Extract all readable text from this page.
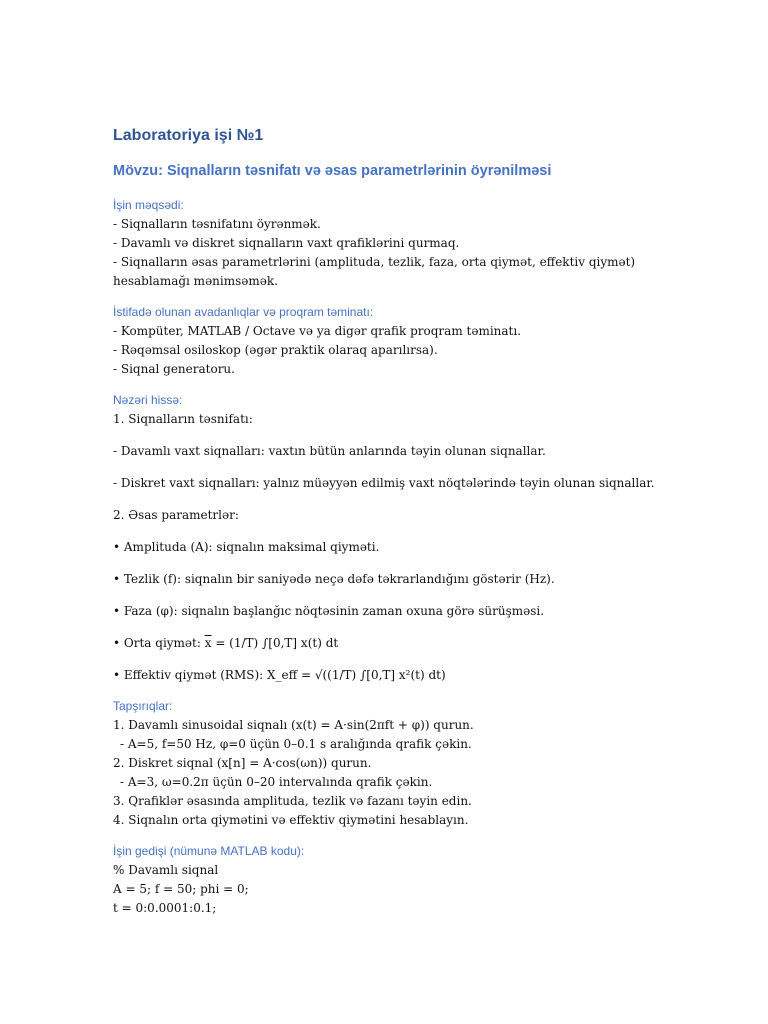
Laboratoriya işi №1
Mövzu: Siqnalların təsnifatı və əsas parametrlərinin öyrənilməsi

İşin məqsədi:

- Siqnalların təsnifatını öyrənmək.

- Davamlı və diskret siqnalların vaxt qrafiklərini qurmaq.

- Siqnalların əsas parametrlərini (amplituda, tezlik, faza, orta qiymət, effektiv qiymət)

hesablamağı mənimsəmək.

İstifadə olunan avadanlıqlar və proqram təminatı:

- Kompüter, MATLAB / Octave və ya digər qrafik proqram təminatı.

- Rəqəmsal osiloskop (əgər praktik olaraq aparılırsa).

- Siqnal generatoru.

Nəzəri hissə:

1. Siqnalların təsnifatı:

- Davamlı vaxt siqnalları: vaxtın bütün anlarında təyin olunan siqnallar.

- Diskret vaxt siqnalları: yalnız müəyyən edilmiş vaxt nöqtələrində təyin olunan siqnallar.

2. Əsas parametrlər:

• Amplituda (A): siqnalın maksimal qiyməti.

• Tezlik (f): siqnalın bir saniyədə neçə dəfə təkrarlandığını göstərir (Hz).

• Faza (φ): siqnalın başlanğıc nöqtəsinin zaman oxuna görə sürüşməsi.

• Orta qiymət: $\overline{x} = (1/T)$ ∫[0,T] x(t) dt

• Effektiv qiymət (RMS): X_eff = √((1/T) ∫[0,T] x²(t) dt)

Tapşırıqlar:

1. Davamlı sinusoidal siqnalı (x(t) = A·sin(2πft + φ)) qurun.

- A=5, f=50 Hz, φ=0 üçün 0–0.1 s aralığında qrafik çəkin.

2. Diskret siqnal (x[n] = A·cos(ωn)) qurun.

- A=3, ω=0.2π üçün 0–20 intervalında qrafik çəkin.

3. Qrafiklər əsasında amplituda, tezlik və fazanı təyin edin.

4. Siqnalın orta qiymətini və effektiv qiymətini hesablayın.

İşin gedişi (nümunə MATLAB kodu):

% Davamlı siqnal

A = 5; f = 50; phi = 0;

t = 0:0.0001:0.1;
